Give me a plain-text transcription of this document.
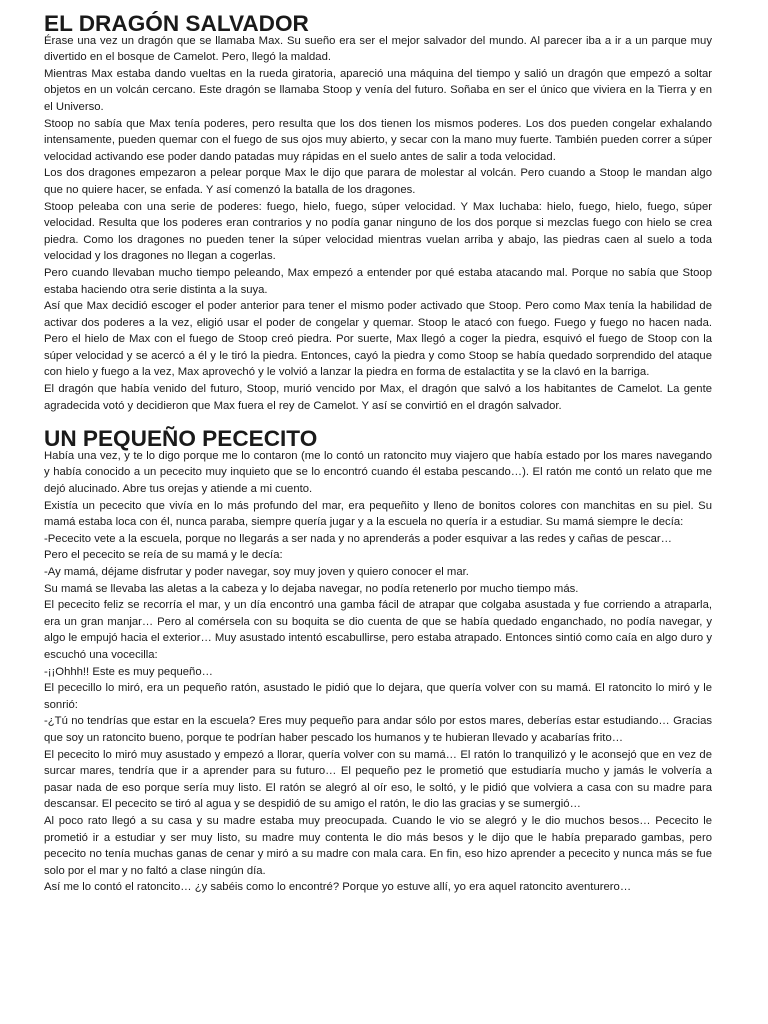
EL DRAGÓN SALVADOR

Érase una vez un dragón que se llamaba Max. Su sueño era ser el mejor salvador del mundo. Al parecer iba a ir a un parque muy divertido en el bosque de Camelot. Pero, llegó la maldad.

Mientras Max estaba dando vueltas en la rueda giratoria, apareció una máquina del tiempo y salió un dragón que empezó a soltar objetos en un volcán cercano. Este dragón se llamaba Stoop y venía del futuro. Soñaba en ser el único que viviera en la Tierra y en el Universo.

Stoop no sabía que Max tenía poderes, pero resulta que los dos tienen los mismos poderes. Los dos pueden congelar exhalando intensamente, pueden quemar con el fuego de sus ojos muy abierto, y secar con la mano muy fuerte. También pueden correr a súper velocidad activando ese poder dando patadas muy rápidas en el suelo antes de salir a toda velocidad.

Los dos dragones empezaron a pelear porque Max le dijo que parara de molestar al volcán. Pero cuando a Stoop le mandan algo que no quiere hacer, se enfada. Y así comenzó la batalla de los dragones.

Stoop peleaba con una serie de poderes: fuego, hielo, fuego, súper velocidad. Y Max luchaba: hielo, fuego, hielo, fuego, súper velocidad. Resulta que los poderes eran contrarios y no podía ganar ninguno de los dos porque si mezclas fuego con hielo se crea piedra. Como los dragones no pueden tener la súper velocidad mientras vuelan arriba y abajo, las piedras caen al suelo a toda velocidad y los dragones no llegan a cogerlas.

Pero cuando llevaban mucho tiempo peleando, Max empezó a entender por qué estaba atacando mal. Porque no sabía que Stoop estaba haciendo otra serie distinta a la suya.

Así que Max decidió escoger el poder anterior para tener el mismo poder activado que Stoop. Pero como Max tenía la habilidad de activar dos poderes a la vez, eligió usar el poder de congelar y quemar. Stoop le atacó con fuego. Fuego y fuego no hacen nada. Pero el hielo de Max con el fuego de Stoop creó piedra. Por suerte, Max llegó a coger la piedra, esquivó el fuego de Stoop con la súper velocidad y se acercó a él y le tiró la piedra. Entonces, cayó la piedra y como Stoop se había quedado sorprendido del ataque con hielo y fuego a la vez, Max aprovechó y le volvió a lanzar la piedra en forma de estalactita y se la clavó en la barriga.

El dragón que había venido del futuro, Stoop, murió vencido por Max, el dragón que salvó a los habitantes de Camelot. La gente agradecida votó y decidieron que Max fuera el rey de Camelot. Y así se convirtió en el dragón salvador.

UN PEQUEÑO PECECITO

Había una vez, y te lo digo porque me lo contaron (me lo contó un ratoncito muy viajero que había estado por los mares navegando y había conocido a un pececito muy inquieto que se lo encontró cuando él estaba pescando…). El ratón me contó un relato que me dejó alucinado. Abre tus orejas y atiende a mi cuento.

Existía un pececito que vivía en lo más profundo del mar, era pequeñito y lleno de bonitos colores con manchitas en su piel. Su mamá estaba loca con él, nunca paraba, siempre quería jugar y a la escuela no quería ir a estudiar. Su mamá siempre le decía:

-Pececito vete a la escuela, porque no llegarás a ser nada y no aprenderás a poder esquivar a las redes y cañas de pescar…

Pero el pececito se reía de su mamá y le decía:

-Ay mamá, déjame disfrutar y poder navegar, soy muy joven y quiero conocer el mar.

Su mamá se llevaba las aletas a la cabeza y lo dejaba navegar, no podía retenerlo por mucho tiempo más.

El pececito feliz se recorría el mar, y un día encontró una gamba fácil de atrapar que colgaba asustada y fue corriendo a atraparla, era un gran manjar… Pero al comérsela con su boquita se dio cuenta de que se había quedado enganchado, no podía navegar, y algo le empujó hacia el exterior… Muy asustado intentó escabullirse, pero estaba atrapado. Entonces sintió como caía en algo duro y escuchó una vocecilla:

-¡¡Ohhh!! Este es muy pequeño…

El pececillo lo miró, era un pequeño ratón, asustado le pidió que lo dejara, que quería volver con su mamá. El ratoncito lo miró y le sonrió:

-¿Tú no tendrías que estar en la escuela? Eres muy pequeño para andar sólo por estos mares, deberías estar estudiando… Gracias que soy un ratoncito bueno, porque te podrían haber pescado los humanos y te hubieran llevado y acabarías frito…

El pececito lo miró muy asustado y empezó a llorar, quería volver con su mamá… El ratón lo tranquilizó y le aconsejó que en vez de surcar mares, tendría que ir a aprender para su futuro… El pequeño pez le prometió que estudiaría mucho y jamás le volvería a pasar nada de eso porque sería muy listo. El ratón se alegró al oír eso, le soltó, y le pidió que volviera a casa con su madre para descansar. El pececito se tiró al agua y se despidió de su amigo el ratón, le dio las gracias y se sumergió…

Al poco rato llegó a su casa y su madre estaba muy preocupada. Cuando le vio se alegró y le dio muchos besos… Pececito le prometió ir a estudiar y ser muy listo, su madre muy contenta le dio más besos y le dijo que le había preparado gambas, pero pececito no tenía muchas ganas de cenar y miró a su madre con mala cara. En fin, eso hizo aprender a pececito y nunca más se fue solo por el mar y no faltó a clase ningún día.

Así me lo contó el ratoncito… ¿y sabéis como lo encontré? Porque yo estuve allí, yo era aquel ratoncito aventurero…
